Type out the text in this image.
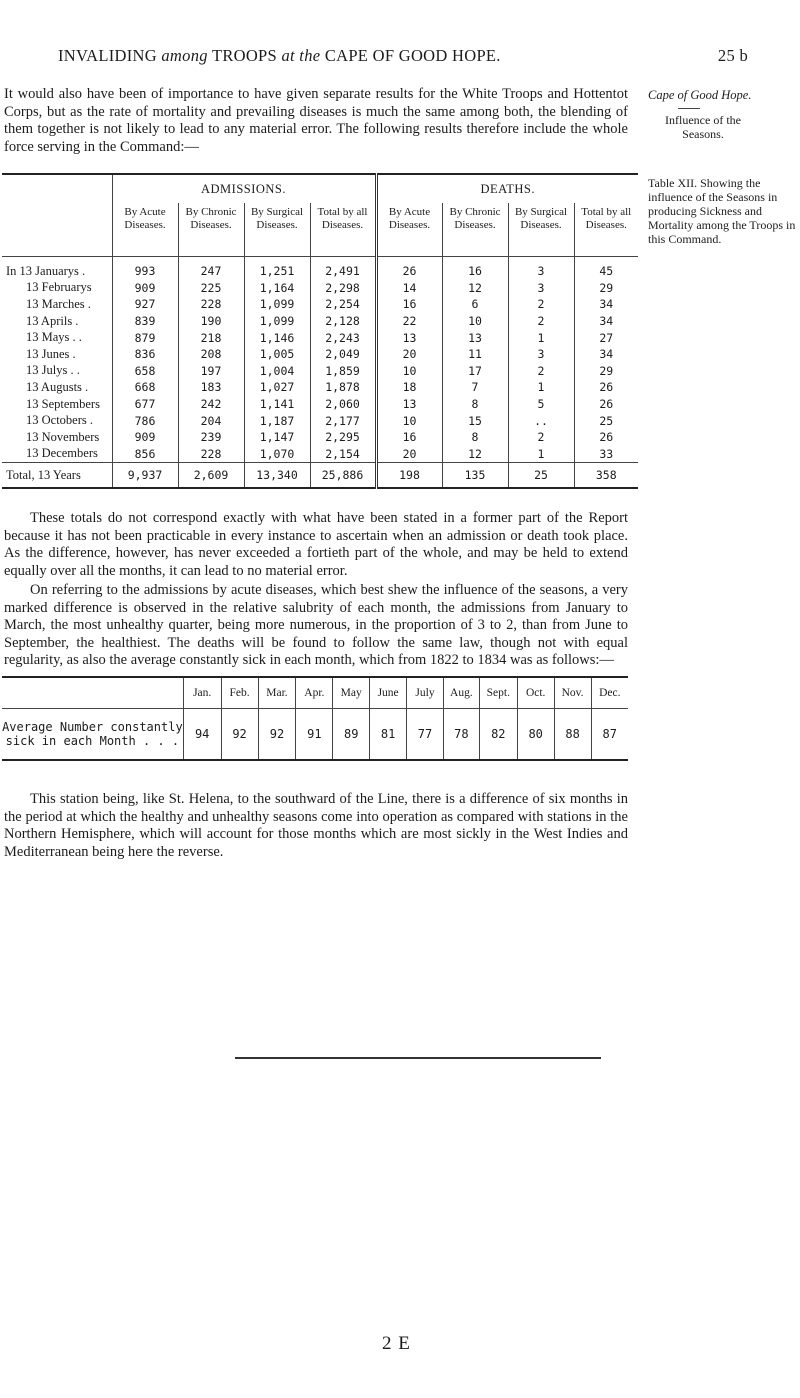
INVALIDING among TROOPS at the CAPE OF GOOD HOPE.	25 b
It would also have been of importance to have given separate results for the White Troops and Hottentot Corps, but as the rate of mortality and prevailing diseases is much the same among both, the blending of them together is not likely to lead to any material error. The following results therefore include the whole force serving in the Command:—
Cape of Good Hope.
Influence of the Seasons.
Table XII. Showing the influence of the Seasons in producing Sickness and Mortality among the Troops in this Command.
	ADMISSIONS.				DEATHS.			
	By Acute Diseases.	By Chronic Diseases.	By Surgical Diseases.	Total by all Diseases.	By Acute Diseases.	By Chronic Diseases.	By Surgical Diseases.	Total by all Diseases.
In 13 Januarys .	993	247	1,251	2,491	26	16	3	45
13 Februarys	909	225	1,164	2,298	14	12	3	29
13 Marches .	927	228	1,099	2,254	16	6	2	34
13 Aprils .	839	190	1,099	2,128	22	10	2	34
13 Mays . .	879	218	1,146	2,243	13	13	1	27
13 Junes .	836	208	1,005	2,049	20	11	3	34
13 Julys . .	658	197	1,004	1,859	10	17	2	29
13 Augusts .	668	183	1,027	1,878	18	7	1	26
13 Septembers	677	242	1,141	2,060	13	8	5	26
13 Octobers .	786	204	1,187	2,177	10	15	..	25
13 Novembers	909	239	1,147	2,295	16	8	2	26
13 Decembers	856	228	1,070	2,154	20	12	1	33
Total, 13 Years	9,937	2,609	13,340	25,886	198	135	25	358
These totals do not correspond exactly with what have been stated in a former part of the Report because it has not been practicable in every instance to ascertain when an admission or death took place. As the difference, however, has never exceeded a fortieth part of the whole, and may be held to extend equally over all the months, it can lead to no material error.
On referring to the admissions by acute diseases, which best shew the influence of the seasons, a very marked difference is observed in the relative salubrity of each month, the admissions from January to March, the most unhealthy quarter, being more numerous, in the proportion of 3 to 2, than from June to September, the healthiest. The deaths will be found to follow the same law, though not with equal regularity, as also the average constantly sick in each month, which from 1822 to 1834 was as follows:—
	Jan.	Feb.	Mar.	Apr.	May	June	July	Aug.	Sept.	Oct.	Nov.	Dec.

Average Number constantly
sick in each Month . . .	94	92	92	91	89	81	77	78	82	80	88	87
This station being, like St. Helena, to the southward of the Line, there is a difference of six months in the period at which the healthy and unhealthy seasons come into operation as compared with stations in the Northern Hemisphere, which will account for those months which are most sickly in the West Indies and Mediterranean being here the reverse.
2 E
